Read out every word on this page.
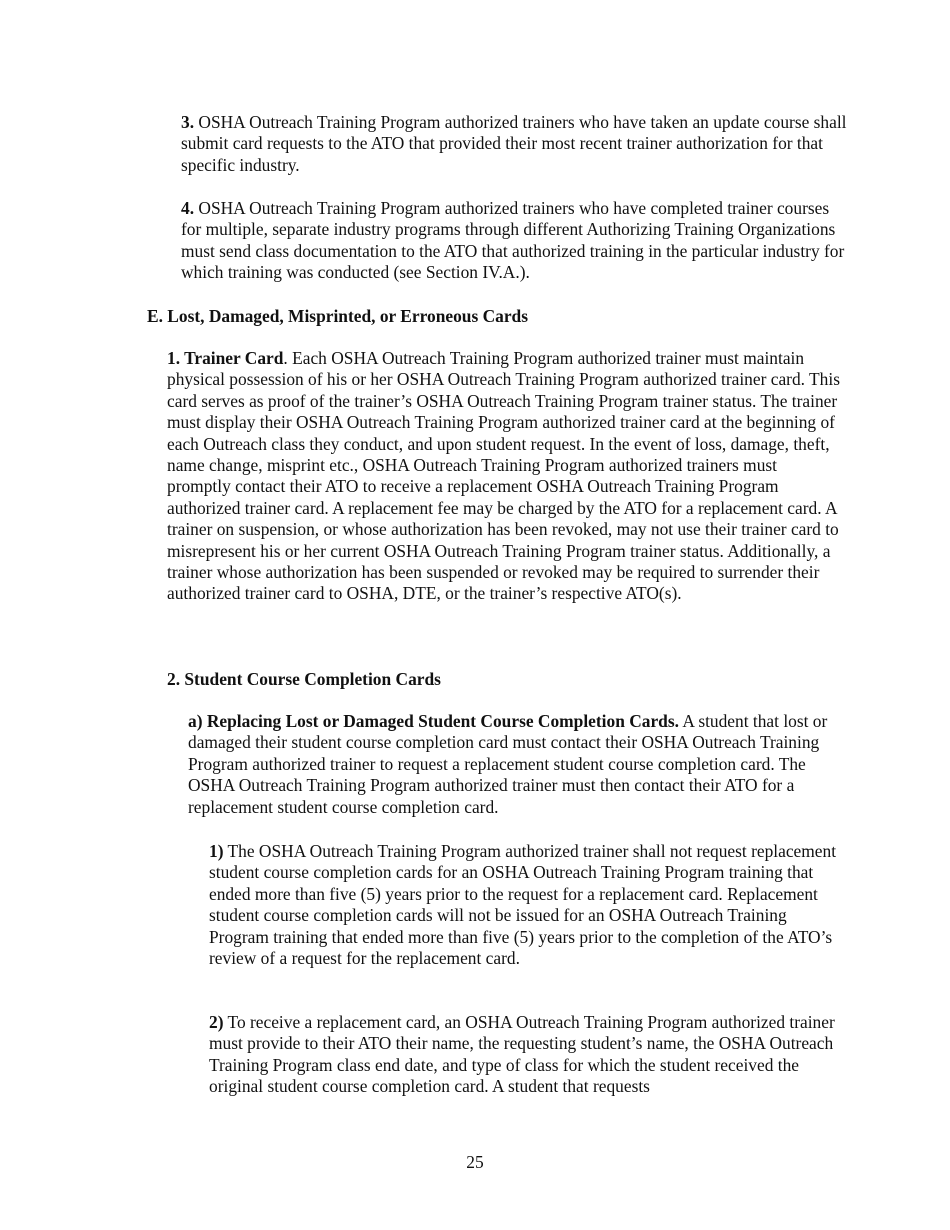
3. OSHA Outreach Training Program authorized trainers who have taken an update course shall submit card requests to the ATO that provided their most recent trainer authorization for that specific industry.

4. OSHA Outreach Training Program authorized trainers who have completed trainer courses for multiple, separate industry programs through different Authorizing Training Organizations must send class documentation to the ATO that authorized training in the particular industry for which training was conducted (see Section IV.A.).

E. Lost, Damaged, Misprinted, or Erroneous Cards

1. Trainer Card. Each OSHA Outreach Training Program authorized trainer must maintain physical possession of his or her OSHA Outreach Training Program authorized trainer card. This card serves as proof of the trainer’s OSHA Outreach Training Program trainer status. The trainer must display their OSHA Outreach Training Program authorized trainer card at the beginning of each Outreach class they conduct, and upon student request. In the event of loss, damage, theft, name change, misprint etc., OSHA Outreach Training Program authorized trainers must promptly contact their ATO to receive a replacement OSHA Outreach Training Program authorized trainer card. A replacement fee may be charged by the ATO for a replacement card. A trainer on suspension, or whose authorization has been revoked, may not use their trainer card to misrepresent his or her current OSHA Outreach Training Program trainer status. Additionally, a trainer whose authorization has been suspended or revoked may be required to surrender their authorized trainer card to OSHA, DTE, or the trainer’s respective ATO(s).

2. Student Course Completion Cards

a) Replacing Lost or Damaged Student Course Completion Cards. A student that lost or damaged their student course completion card must contact their OSHA Outreach Training Program authorized trainer to request a replacement student course completion card. The OSHA Outreach Training Program authorized trainer must then contact their ATO for a replacement student course completion card.

1) The OSHA Outreach Training Program authorized trainer shall not request replacement student course completion cards for an OSHA Outreach Training Program training that ended more than five (5) years prior to the request for a replacement card. Replacement student course completion cards will not be issued for an OSHA Outreach Training Program training that ended more than five (5) years prior to the completion of the ATO’s review of a request for the replacement card.

2) To receive a replacement card, an OSHA Outreach Training Program authorized trainer must provide to their ATO their name, the requesting student’s name, the OSHA Outreach Training Program class end date, and type of class for which the student received the original student course completion card. A student that requests

25
